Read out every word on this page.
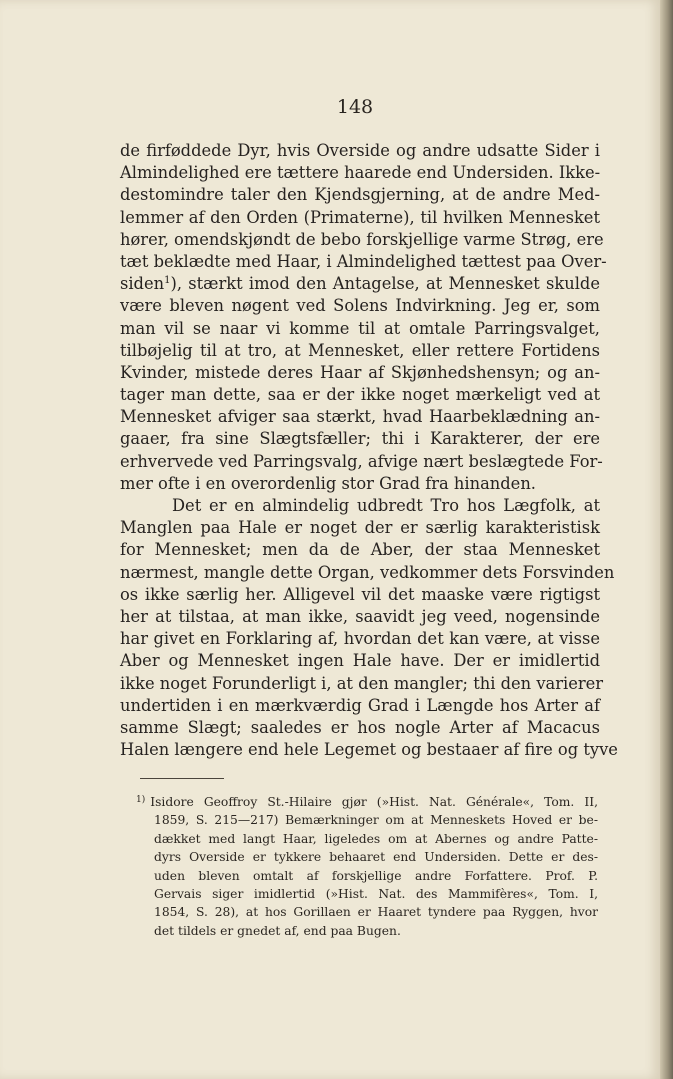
148
de firføddede Dyr, hvis Overside og andre udsatte Sider i
Almindelighed ere tættere haarede end Undersiden. Ikke-
destomindre taler den Kjendsgjerning, at de andre Med-
lemmer af den Orden (Primaterne), til hvilken Mennesket
hører, omendskjøndt de bebo forskjellige varme Strøg, ere
tæt beklædte med Haar, i Almindelighed tættest paa Over-
siden$^1$), stærkt imod den Antagelse, at Mennesket skulde
være bleven nøgent ved Solens Indvirkning. Jeg er, som
man vil se naar vi komme til at omtale Parringsvalget,
tilbøjelig til at tro, at Mennesket, eller rettere Fortidens
Kvinder, mistede deres Haar af Skjønhedshensyn; og an-
tager man dette, saa er der ikke noget mærkeligt ved at
Mennesket afviger saa stærkt, hvad Haarbeklædning an-
gaaer, fra sine Slægtsfæller; thi i Karakterer, der ere
erhvervede ved Parringsvalg, afvige nært beslægtede For-
mer ofte i en overordenlig stor Grad fra hinanden.
Det er en almindelig udbredt Tro hos Lægfolk, at
Manglen paa Hale er noget der er særlig karakteristisk
for Mennesket; men da de Aber, der staa Mennesket
nærmest, mangle dette Organ, vedkommer dets Forsvinden
os ikke særlig her. Alligevel vil det maaske være rigtigst
her at tilstaa, at man ikke, saavidt jeg veed, nogensinde
har givet en Forklaring af, hvordan det kan være, at visse
Aber og Mennesket ingen Hale have. Der er imidlertid
ikke noget Forunderligt i, at den mangler; thi den varierer
undertiden i en mærkværdig Grad i Længde hos Arter af
samme Slægt; saaledes er hos nogle Arter af Macacus
Halen længere end hele Legemet og bestaaer af fire og tyve
$^{1)}$ Isidore Geoffroy St.-Hilaire gjør (»Hist. Nat. Générale«, Tom. II,
1859, S. 215—217) Bemærkninger om at Menneskets Hoved er be-
dækket med langt Haar, ligeledes om at Abernes og andre Patte-
dyrs Overside er tykkere behaaret end Undersiden. Dette er des-
uden bleven omtalt af forskjellige andre Forfattere. Prof. P.
Gervais siger imidlertid (»Hist. Nat. des Mammifères«, Tom. I,
1854, S. 28), at hos Gorillaen er Haaret tyndere paa Ryggen, hvor
det tildels er gnedet af, end paa Bugen.
